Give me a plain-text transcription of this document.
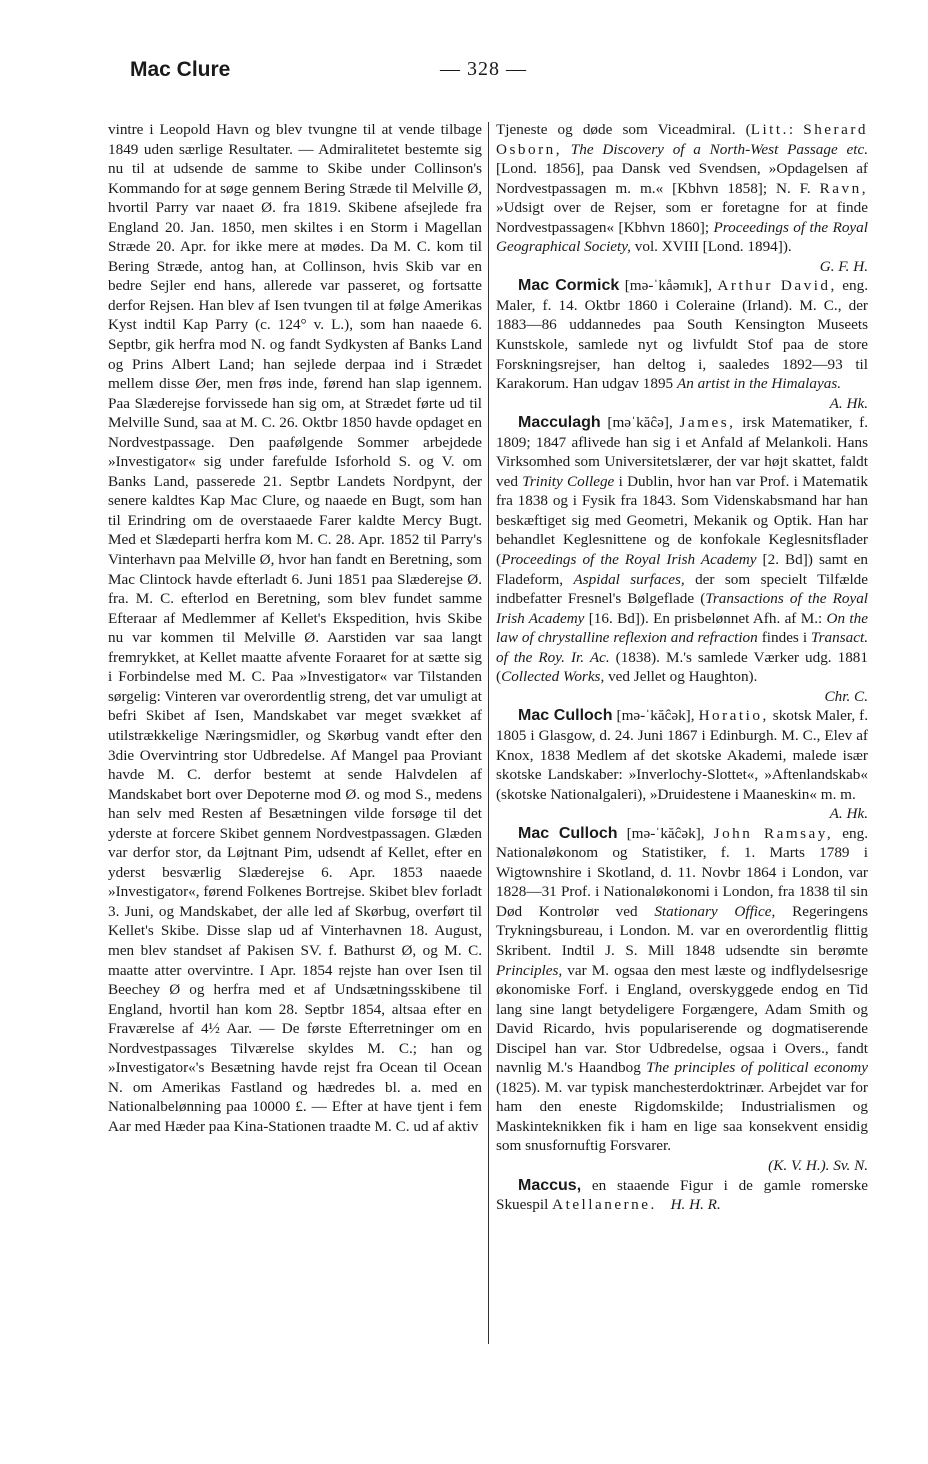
Mac Clure	— 328 —

vintre i Leopold Havn og blev tvungne til at vende tilbage 1849 uden særlige Resultater. — Admiralitetet bestemte sig nu til at udsende de samme to Skibe under Collinson's Kommando for at søge gennem Bering Stræde til Melville Ø, hvortil Parry var naaet Ø. fra 1819. Skibene afsejlede fra England 20. Jan. 1850, men skiltes i en Storm i Magellan Stræde 20. Apr. for ikke mere at mødes. Da M. C. kom til Bering Stræde, antog han, at Collinson, hvis Skib var en bedre Sejler end hans, allerede var passeret, og fortsatte derfor Rejsen. Han blev af Isen tvungen til at følge Amerikas Kyst indtil Kap Parry (c. 124° v. L.), som han naaede 6. Septbr, gik herfra mod N. og fandt Sydkysten af Banks Land og Prins Albert Land; han sejlede derpaa ind i Strædet mellem disse Øer, men frøs inde, førend han slap igennem. Paa Slæderejse forvissede han sig om, at Strædet førte ud til Melville Sund, saa at M. C. 26. Oktbr 1850 havde opdaget en Nordvestpassage. Den paafølgende Sommer arbejdede »Investigator« sig under farefulde Isforhold S. og V. om Banks Land, passerede 21. Septbr Landets Nordpynt, der senere kaldtes Kap Mac Clure, og naaede en Bugt, som han til Erindring om de overstaaede Farer kaldte Mercy Bugt. Med et Slædeparti herfra kom M. C. 28. Apr. 1852 til Parry's Vinterhavn paa Melville Ø, hvor han fandt en Beretning, som Mac Clintock havde efterladt 6. Juni 1851 paa Slæderejse Ø. fra. M. C. efterlod en Beretning, som blev fundet samme Efteraar af Medlemmer af Kellet's Ekspedition, hvis Skibe nu var kommen til Melville Ø. Aarstiden var saa langt fremrykket, at Kellet maatte afvente Foraaret for at sætte sig i Forbindelse med M. C. Paa »Investigator« var Tilstanden sørgelig: Vinteren var overordentlig streng, det var umuligt at befri Skibet af Isen, Mandskabet var meget svækket af utilstrækkelige Næringsmidler, og Skørbug vandt efter den 3die Overvintring stor Udbredelse. Af Mangel paa Proviant havde M. C. derfor bestemt at sende Halvdelen af Mandskabet bort over Depoterne mod Ø. og mod S., medens han selv med Resten af Besætningen vilde forsøge til det yderste at forcere Skibet gennem Nordvestpassagen. Glæden var derfor stor, da Løjtnant Pim, udsendt af Kellet, efter en yderst besværlig Slæderejse 6. Apr. 1853 naaede »Investigator«, førend Folkenes Bortrejse. Skibet blev forladt 3. Juni, og Mandskabet, der alle led af Skørbug, overført til Kellet's Skibe. Disse slap ud af Vinterhavnen 18. August, men blev standset af Pakisen SV. f. Bathurst Ø, og M. C. maatte atter overvintre. I Apr. 1854 rejste han over Isen til Beechey Ø og herfra med et af Undsætningsskibene til England, hvortil han kom 28. Septbr 1854, altsaa efter en Fraværelse af 4½ Aar. — De første Efterretninger om en Nordvestpassages Tilværelse skyldes M. C.; han og »Investigator«'s Besætning havde rejst fra Ocean til Ocean N. om Amerikas Fastland og hædredes bl. a. med en Nationalbelønning paa 10000 £. — Efter at have tjent i fem Aar med Hæder paa Kina-Stationen traadte M. C. ud af aktiv

Tjeneste og døde som Viceadmiral. (Litt.: Sherard Osborn, The Discovery of a North-West Passage etc. [Lond. 1856], paa Dansk ved Svendsen, »Opdagelsen af Nordvestpassagen m. m.« [Kbhvn 1858]; N. F. Ravn, »Udsigt over de Rejser, som er foretagne for at finde Nordvestpassagen« [Kbhvn 1860]; Proceedings of the Royal Geographical Society, vol. XVIII [Lond. 1894]).
G. F. H.

Mac Cormick [mə-ˈkåəmık], Arthur David, eng. Maler, f. 14. Oktbr 1860 i Coleraine (Irland). M. C., der 1883—86 uddannedes paa South Kensington Museets Kunstskole, samlede nyt og livfuldt Stof paa de store Forskningsrejser, han deltog i, saaledes 1892—93 til Karakorum. Han udgav 1895 An artist in the Himalayas.
A. Hk.

Macculagh [məˈkăĉə], James, irsk Matematiker, f. 1809; 1847 aflivede han sig i et Anfald af Melankoli. Hans Virksomhed som Universitetslærer, der var højt skattet, faldt ved Trinity College i Dublin, hvor han var Prof. i Matematik fra 1838 og i Fysik fra 1843. Som Videnskabsmand har han beskæftiget sig med Geometri, Mekanik og Optik. Han har behandlet Keglesnittene og de konfokale Keglesnitsflader (Proceedings of the Royal Irish Academy [2. Bd]) samt en Fladeform, Aspidal surfaces, der som specielt Tilfælde indbefatter Fresnel's Bølgeflade (Transactions of the Royal Irish Academy [16. Bd]). En prisbelønnet Afh. af M.: On the law of chrystalline reflexion and refraction findes i Transact. of the Roy. Ir. Ac. (1838). M.'s samlede Værker udg. 1881 (Collected Works, ved Jellet og Haughton).
Chr. C.

Mac Culloch [mə-ˈkăĉək], Horatio, skotsk Maler, f. 1805 i Glasgow, d. 24. Juni 1867 i Edinburgh. M. C., Elev af Knox, 1838 Medlem af det skotske Akademi, malede især skotske Landskaber: »Inverlochy-Slottet«, »Aftenlandskab« (skotske Nationalgaleri), »Druidestene i Maaneskin« m. m.
A. Hk.

Mac Culloch [mə-ˈkăĉək], John Ramsay, eng. Nationaløkonom og Statistiker, f. 1. Marts 1789 i Wigtownshire i Skotland, d. 11. Novbr 1864 i London, var 1828—31 Prof. i Nationaløkonomi i London, fra 1838 til sin Død Kontrolør ved Stationary Office, Regeringens Trykningsbureau, i London. M. var en overordentlig flittig Skribent. Indtil J. S. Mill 1848 udsendte sin berømte Principles, var M. ogsaa den mest læste og indflydelsesrige økonomiske Forf. i England, overskyggede endog en Tid lang sine langt betydeligere Forgængere, Adam Smith og David Ricardo, hvis populariserende og dogmatiserende Discipel han var. Stor Udbredelse, ogsaa i Overs., fandt navnlig M.'s Haandbog The principles of political economy (1825). M. var typisk manchesterdoktrinær. Arbejdet var for ham den eneste Rigdomskilde; Industrialismen og Maskinteknikken fik i ham en lige saa konsekvent ensidig som snusfornuftig Forsvarer.
(K. V. H.). Sv. N.

Maccus, en staaende Figur i de gamle romerske Skuespil Atellanerne. H. H. R.
